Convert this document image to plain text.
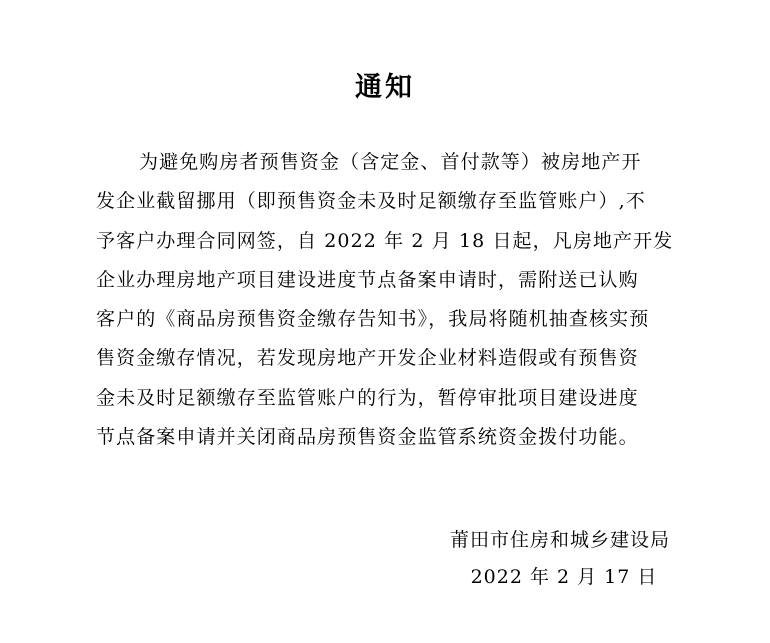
通知
为避免购房者预售资金（含定金、首付款等）被房地产开
发企业截留挪用（即预售资金未及时足额缴存至监管账户）,不
予客户办理合同网签，自 2022 年 2 月 18 日起，凡房地产开发
企业办理房地产项目建设进度节点备案申请时，需附送已认购
客户的《商品房预售资金缴存告知书》，我局将随机抽查核实预
售资金缴存情况，若发现房地产开发企业材料造假或有预售资
金未及时足额缴存至监管账户的行为，暂停审批项目建设进度
节点备案申请并关闭商品房预售资金监管系统资金拨付功能。
莆田市住房和城乡建设局
2022 年 2 月 17 日
